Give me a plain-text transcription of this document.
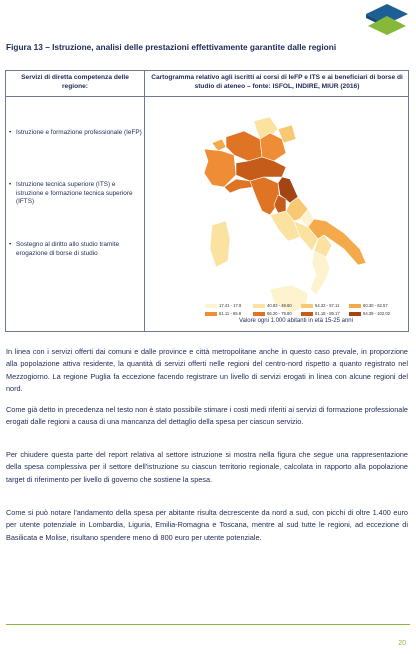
Figura 13 – Istruzione, analisi delle prestazioni effettivamente garantite dalle regioni
Servizi di diretta competenza delle regione:
Cartogramma relativo agli iscritti ai corsi di IeFP e ITS e ai beneficiari di borse di studio di ateneo – fonte: ISFOL, INDIRE, MIUR (2016)
• Istruzione e formazione professionale (IeFP)
• Istruzione tecnica superiore (ITS) e istruzione e formazione tecnica superiore (IFTS)
• Sostegno al diritto allo studio tramite erogazione di borse di studio
17.41 - 17.8	40.83 - 49.60	54.32 - 57.11	60.30 - 62.57
61.11 - 65.8	66.20 - 79.80	81.18 - 89.17	94.39 - 102.02
Valore ogni 1.000 abitanti in età 15-25 anni

In linea con i servizi offerti dai comuni e dalle province e città metropolitane anche in questo caso prevale, in proporzione alla popolazione attiva residente, la quantità di servizi offerti nelle regioni del centro-nord rispetto a quanto registrato nel Mezzogiorno. La regione Puglia fa eccezione facendo registrare un livello di servizi erogati in linea con alcune regioni del nord.

Come già detto in precedenza nel testo non è stato possibile stimare i costi medi riferiti ai servizi di formazione professionale erogati dalle regioni a causa di una mancanza del dettaglio della spesa per ciascun servizio.

Per chiudere questa parte del report relativa al settore istruzione si mostra nella figura che segue una rappresentazione della spesa complessiva per il settore dell'istruzione su ciascun territorio regionale, calcolata in rapporto alla popolazione target di riferimento per livello di governo che sostiene la spesa.

Come si può notare l'andamento della spesa per abitante risulta decrescente da nord a sud, con picchi di oltre 1.400 euro per utente potenziale in Lombardia, Liguria, Emilia-Romagna e Toscana, mentre al sud tutte le regioni, ad eccezione di Basilicata e Molise, risultano spendere meno di 800 euro per utente potenziale.

20
